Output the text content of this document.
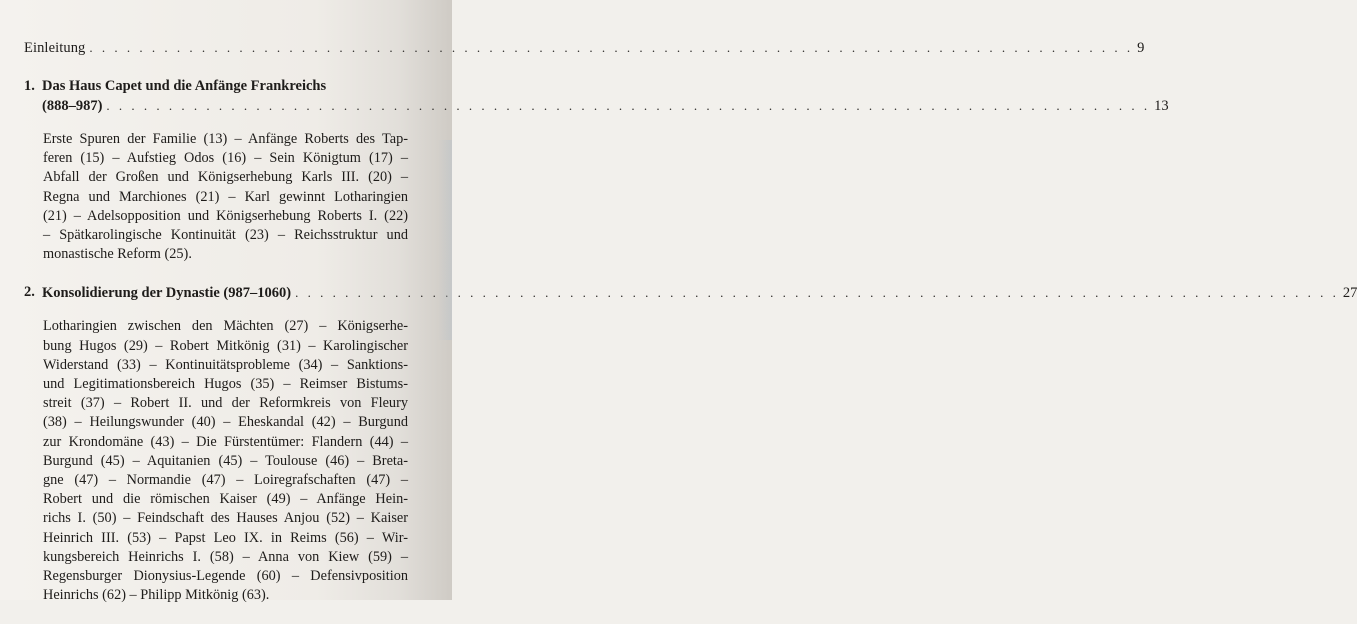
Einleitung . . .	9
1. Das Haus Capet und die Anfänge Frankreichs
(888–987) . . .	13
Erste Spuren der Familie (13) – Anfänge Roberts des Tap-
feren (15) – Aufstieg Odos (16) – Sein Königtum (17) –
Abfall der Großen und Königserhebung Karls III. (20) –
Regna und Marchiones (21) – Karl gewinnt Lotharingien
(21) – Adelsopposition und Königserhebung Roberts I. (22)
– Spätkarolingische Kontinuität (23) – Reichsstruktur und
monastische Reform (25).
2. Konsolidierung der Dynastie (987–1060) . . .	27
Lotharingien zwischen den Mächten (27) – Königserhe-
bung Hugos (29) – Robert Mitkönig (31) – Karolingischer
Widerstand (33) – Kontinuitätsprobleme (34) – Sanktions-
und Legitimationsbereich Hugos (35) – Reimser Bistums-
streit (37) – Robert II. und der Reformkreis von Fleury
(38) – Heilungswunder (40) – Eheskandal (42) – Burgund
zur Krondomäne (43) – Die Fürstentümer: Flandern (44) –
Burgund (45) – Aquitanien (45) – Toulouse (46) – Breta-
gne (47) – Normandie (47) – Loiregrafschaften (47) –
Robert und die römischen Kaiser (49) – Anfänge Hein-
richs I. (50) – Feindschaft des Hauses Anjou (52) – Kaiser
Heinrich III. (53) – Papst Leo IX. in Reims (56) – Wir-
kungsbereich Heinrichs I. (58) – Anna von Kiew (59) –
Regensburger Dionysius-Legende (60) – Defensivposition
Heinrichs (62) – Philipp Mitkönig (63).
